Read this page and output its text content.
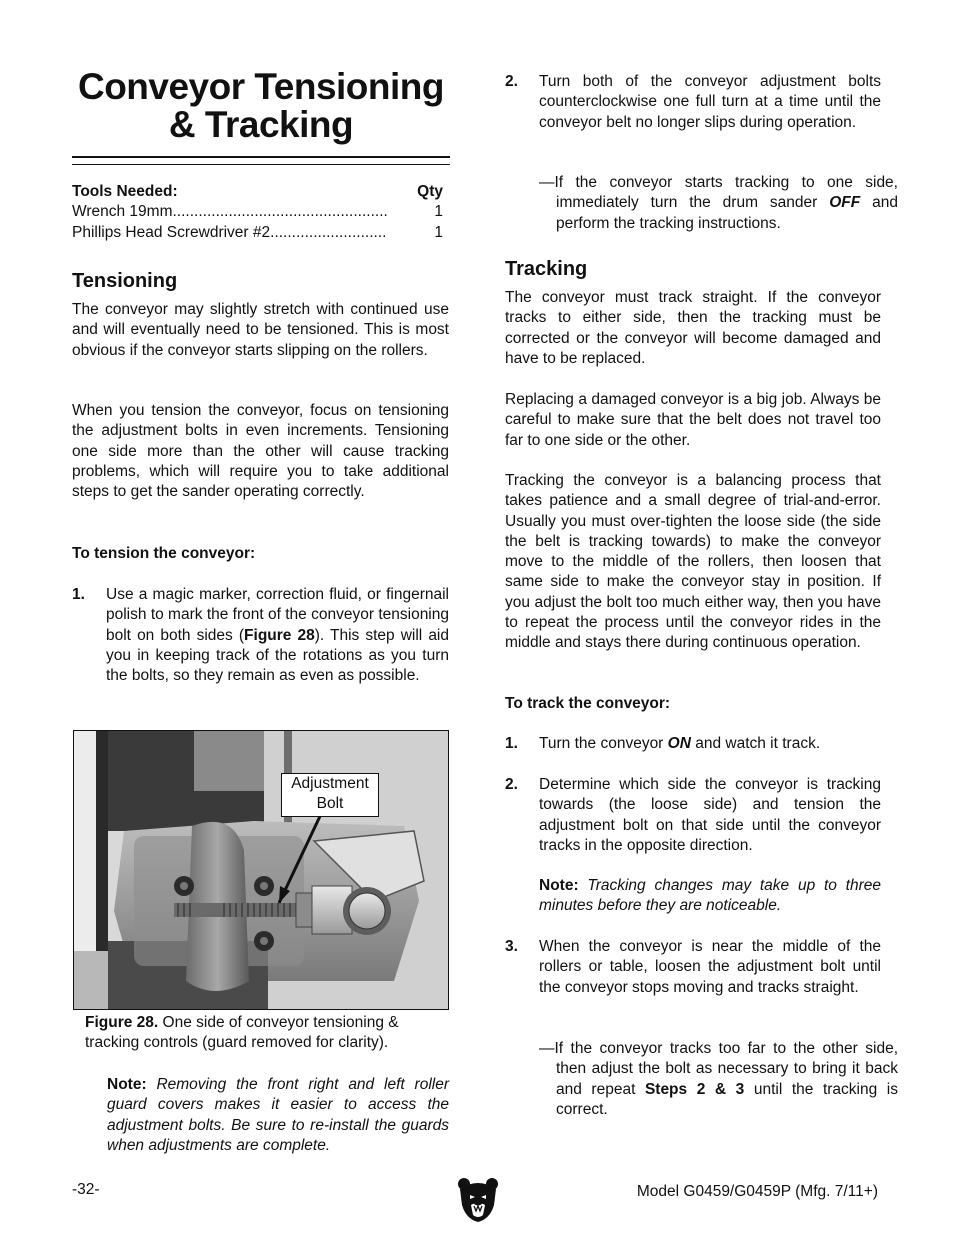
Conveyor Tensioning
& Tracking
Tools Needed:	Qty
Wrench 19mm ..................................................	1
Phillips Head Screwdriver #2 ...........................	1
Tensioning
The conveyor may slightly stretch with continued use and will eventually need to be tensioned. This is most obvious if the conveyor starts slipping on the rollers.
When you tension the conveyor, focus on tensioning the adjustment bolts in even increments. Tensioning one side more than the other will cause tracking problems, which will require you to take additional steps to get the sander operating correctly.
To tension the conveyor:
1.	Use a magic marker, correction fluid, or fingernail polish to mark the front of the conveyor tensioning bolt on both sides (Figure 28). This step will aid you in keeping track of the rotations as you turn the bolts, so they remain as even as possible.
Adjustment
Bolt
Figure 28. One side of conveyor tensioning & tracking controls (guard removed for clarity).
Note: Removing the front right and left roller guard covers makes it easier to access the adjustment bolts. Be sure to re-install the guards when adjustments are complete.
2.	Turn both of the conveyor adjustment bolts counterclockwise one full turn at a time until the conveyor belt no longer slips during operation.
—If the conveyor starts tracking to one side, immediately turn the drum sander OFF and perform the tracking instructions.
Tracking
The conveyor must track straight. If the conveyor tracks to either side, then the tracking must be corrected or the conveyor will become damaged and have to be replaced.
Replacing a damaged conveyor is a big job. Always be careful to make sure that the belt does not travel too far to one side or the other.
Tracking the conveyor is a balancing process that takes patience and a small degree of trial-and-error. Usually you must over-tighten the loose side (the side the belt is tracking towards) to make the conveyor move to the middle of the rollers, then loosen that same side to make the conveyor stay in position. If you adjust the bolt too much either way, then you have to repeat the process until the conveyor rides in the middle and stays there during continuous operation.
To track the conveyor:
1.	Turn the conveyor ON and watch it track.
2.	Determine which side the conveyor is tracking towards (the loose side) and tension the adjustment bolt on that side until the conveyor tracks in the opposite direction.
Note: Tracking changes may take up to three minutes before they are noticeable.
3.	When the conveyor is near the middle of the rollers or table, loosen the adjustment bolt until the conveyor stops moving and tracks straight.
—If the conveyor tracks too far to the other side, then adjust the bolt as necessary to bring it back and repeat Steps 2 & 3 until the tracking is correct.
-32-	Model G0459/G0459P (Mfg. 7/11+)
